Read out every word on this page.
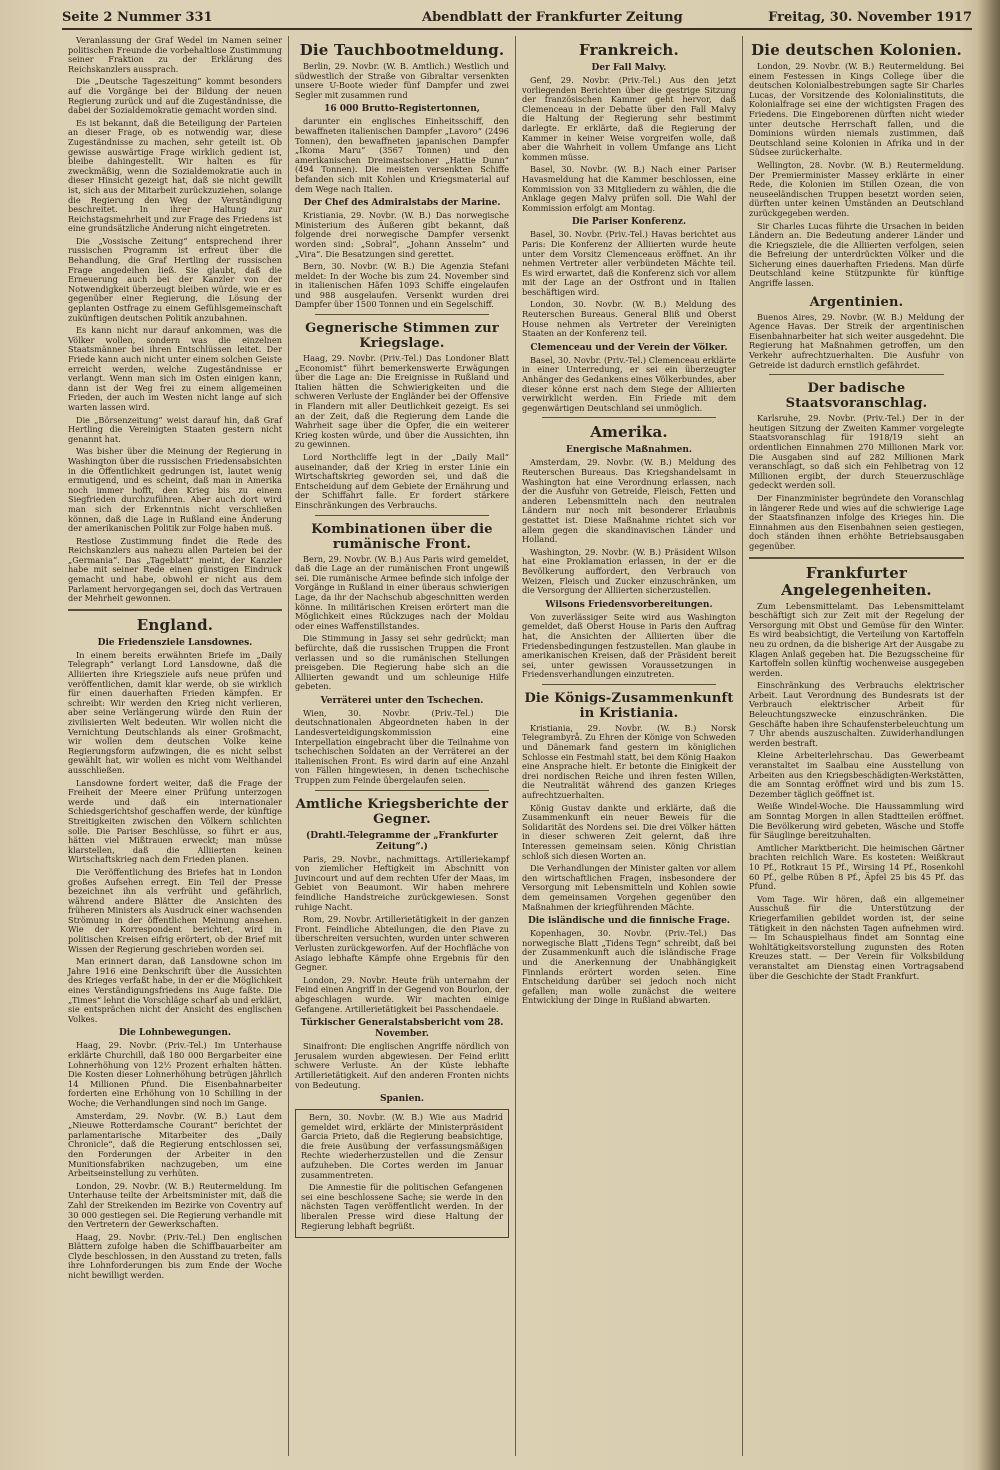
Seite 2 Nummer 331	Abendblatt der Frankfurter Zeitung	Freitag, 30. November 1917

Veranlassung der Graf Wedel im Namen seiner politischen Freunde die vorbehaltlose Zustimmung seiner Fraktion zu der Erklärung des Reichskanzlers aussprach.

Die „Deutsche Tageszeitung“ kommt besonders auf die Vorgänge bei der Bildung der neuen Regierung zurück und auf die Zugeständnisse, die dabei der Sozialdemokratie gemacht worden sind.

Es ist bekannt, daß die Beteiligung der Parteien an dieser Frage, ob es notwendig war, diese Zugeständnisse zu machen, sehr geteilt ist. Ob gewisse auswärtige Frage wirklich gedient ist, bleibe dahingestellt. Wir halten es für zweckmäßig, wenn die Sozialdemokratie auch in dieser Hinsicht gezeigt hat, daß sie nicht gewillt ist, sich aus der Mitarbeit zurückzuziehen, solange die Regierung den Weg der Verständigung beschreitet. In ihrer Haltung zur Reichstagsmehrheit und zur Frage des Friedens ist eine grundsätzliche Änderung nicht eingetreten.

Die „Vossische Zeitung“ entsprechend ihrer russischen Programm ist erfreut über die Behandlung, die Graf Hertling der russischen Frage angedeihen ließ. Sie glaubt, daß die Erneuerung auch bei der Kanzler von der Notwendigkeit überzeugt bleiben würde, wie er es gegenüber einer Regierung, die Lösung der geplanten Ostfrage zu einem Gefühlsgemeinschaft zukünftigen deutschen Politik anzubahnen.

Es kann nicht nur darauf ankommen, was die Völker wollen, sondern was die einzelnen Staatsmänner bei ihren Entschlüssen leitet. Der Friede kann auch nicht unter einem solchen Geiste erreicht werden, welche Zugeständnisse er verlangt. Wenn man sich im Osten einigen kann, dann ist der Weg frei zu einem allgemeinen Frieden, der auch im Westen nicht lange auf sich warten lassen wird.

Die „Börsenzeitung“ weist darauf hin, daß Graf Hertling die Vereinigten Staaten gestern nicht genannt hat.

Was bisher über die Meinung der Regierung in Washington über die russischen Friedensabsichten in die Öffentlichkeit gedrungen ist, lautet wenig ermutigend, und es scheint, daß man in Amerika noch immer hofft, den Krieg bis zu einem Siegfrieden durchzuführen. Aber auch dort wird man sich der Erkenntnis nicht verschließen können, daß die Lage in Rußland eine Änderung der amerikanischen Politik zur Folge haben muß.

Restlose Zustimmung findet die Rede des Reichskanzlers aus nahezu allen Parteien bei der „Germania“. Das „Tageblatt“ meint, der Kanzler habe mit seiner Rede einen günstigen Eindruck gemacht und habe, obwohl er nicht aus dem Parlament hervorgegangen sei, doch das Vertrauen der Mehrheit gewonnen.

England.
Die Friedensziele Lansdownes.

In einem bereits erwähnten Briefe im „Daily Telegraph“ verlangt Lord Lansdowne, daß die Alliierten ihre Kriegsziele aufs neue prüfen und veröffentlichen, damit klar werde, ob sie wirklich für einen dauerhaften Frieden kämpfen. Er schreibt: Wir werden den Krieg nicht verlieren, aber seine Verlängerung würde den Ruin der zivilisierten Welt bedeuten. Wir wollen nicht die Vernichtung Deutschlands als einer Großmacht, wir wollen dem deutschen Volke keine Regierungsform aufzwingen, die es nicht selbst gewählt hat, wir wollen es nicht vom Welthandel ausschließen.

Lansdowne fordert weiter, daß die Frage der Freiheit der Meere einer Prüfung unterzogen werde und daß ein internationaler Schiedsgerichtshof geschaffen werde, der künftige Streitigkeiten zwischen den Völkern schlichten solle. Die Pariser Beschlüsse, so führt er aus, hätten viel Mißtrauen erweckt; man müsse klarstellen, daß die Alliierten keinen Wirtschaftskrieg nach dem Frieden planen.

Die Veröffentlichung des Briefes hat in London großes Aufsehen erregt. Ein Teil der Presse bezeichnet ihn als verfrüht und gefährlich, während andere Blätter die Ansichten des früheren Ministers als Ausdruck einer wachsenden Strömung in der öffentlichen Meinung ansehen. Wie der Korrespondent berichtet, wird in politischen Kreisen eifrig erörtert, ob der Brief mit Wissen der Regierung geschrieben worden sei.

Man erinnert daran, daß Lansdowne schon im Jahre 1916 eine Denkschrift über die Aussichten des Krieges verfaßt habe, in der er die Möglichkeit eines Verständigungsfriedens ins Auge faßte. Die „Times“ lehnt die Vorschläge scharf ab und erklärt, sie entsprächen nicht der Ansicht des englischen Volkes.

Die Lohnbewegungen.

Haag, 29. Novbr. (Priv.-Tel.) Im Unterhause erklärte Churchill, daß 180 000 Bergarbeiter eine Lohnerhöhung von 12½ Prozent erhalten hätten. Die Kosten dieser Lohnerhöhung betrügen jährlich 14 Millionen Pfund. Die Eisenbahnarbeiter forderten eine Erhöhung von 10 Schilling in der Woche; die Verhandlungen sind noch im Gange.

Amsterdam, 29. Novbr. (W. B.) Laut dem „Nieuwe Rotterdamsche Courant“ berichtet der parlamentarische Mitarbeiter des „Daily Chronicle“, daß die Regierung entschlossen sei, den Forderungen der Arbeiter in den Munitionsfabriken nachzugeben, um eine Arbeitseinstellung zu verhüten.

London, 29. Novbr. (W. B.) Reutermeldung. Im Unterhause teilte der Arbeitsminister mit, daß die Zahl der Streikenden im Bezirke von Coventry auf 30 000 gestiegen sei. Die Regierung verhandle mit den Vertretern der Gewerkschaften.

Haag, 29. Novbr. (Priv.-Tel.) Den englischen Blättern zufolge haben die Schiffbauarbeiter am Clyde beschlossen, in den Ausstand zu treten, falls ihre Lohnforderungen bis zum Ende der Woche nicht bewilligt werden.

Die Tauchbootmeldung.

Berlin, 29. Novbr. (W. B. Amtlich.) Westlich und südwestlich der Straße von Gibraltar versenkten unsere U-Boote wieder fünf Dampfer und zwei Segler mit zusammen rund

16 000 Brutto-Registertonnen,

darunter ein englisches Einheitsschiff, den bewaffneten italienischen Dampfer „Lavoro“ (2496 Tonnen), den bewaffneten japanischen Dampfer „Ikoma Maru“ (3567 Tonnen) und den amerikanischen Dreimastschoner „Hattie Dunn“ (494 Tonnen). Die meisten versenkten Schiffe befanden sich mit Kohlen und Kriegsmaterial auf dem Wege nach Italien.

Der Chef des Admiralstabs der Marine.

Kristiania, 29. Novbr. (W. B.) Das norwegische Ministerium des Äußeren gibt bekannt, daß folgende drei norwegische Dampfer versenkt worden sind: „Sobral“, „Johann Ansselm“ und „Vira“. Die Besatzungen sind gerettet.

Bern, 30. Novbr. (W. B.) Die Agenzia Stefani meldet: In der Woche bis zum 24. November sind in italienischen Häfen 1093 Schiffe eingelaufen und 988 ausgelaufen. Versenkt wurden drei Dampfer über 1500 Tonnen und ein Segelschiff.

Gegnerische Stimmen zur Kriegslage.

Haag, 29. Novbr. (Priv.-Tel.) Das Londoner Blatt „Economist“ führt bemerkenswerte Erwägungen über die Lage an: Die Ereignisse in Rußland und Italien hätten die Schwierigkeiten und die schweren Verluste der Engländer bei der Offensive in Flandern mit aller Deutlichkeit gezeigt. Es sei an der Zeit, daß die Regierung dem Lande die Wahrheit sage über die Opfer, die ein weiterer Krieg kosten würde, und über die Aussichten, ihn zu gewinnen.

Lord Northcliffe legt in der „Daily Mail“ auseinander, daß der Krieg in erster Linie ein Wirtschaftskrieg geworden sei, und daß die Entscheidung auf dem Gebiete der Ernährung und der Schiffahrt falle. Er fordert stärkere Einschränkungen des Verbrauchs.

Kombinationen über die rumänische Front.

Bern, 29. Novbr. (W. B.) Aus Paris wird gemeldet, daß die Lage an der rumänischen Front ungewiß sei. Die rumänische Armee befinde sich infolge der Vorgänge in Rußland in einer überaus schwierigen Lage, da ihr der Nachschub abgeschnitten werden könne. In militärischen Kreisen erörtert man die Möglichkeit eines Rückzuges nach der Moldau oder eines Waffenstillstandes.

Die Stimmung in Jassy sei sehr gedrückt; man befürchte, daß die russischen Truppen die Front verlassen und so die rumänischen Stellungen preisgeben. Die Regierung habe sich an die Alliierten gewandt und um schleunige Hilfe gebeten.

Verräterei unter den Tschechen.

Wien, 30. Novbr. (Priv.-Tel.) Die deutschnationalen Abgeordneten haben in der Landesverteidigungskommission eine Interpellation eingebracht über die Teilnahme von tschechischen Soldaten an der Verräterei an der italienischen Front. Es wird darin auf eine Anzahl von Fällen hingewiesen, in denen tschechische Truppen zum Feinde übergelaufen seien.

Amtliche Kriegsberichte der Gegner.
(Drahtl.-Telegramme der „Frankfurter Zeitung“.)

Paris, 29. Novbr., nachmittags. Artilleriekampf von ziemlicher Heftigkeit im Abschnitt von Juvincourt und auf dem rechten Ufer der Maas, im Gebiet von Beaumont. Wir haben mehrere feindliche Handstreiche zurückgewiesen. Sonst ruhige Nacht.

Rom, 29. Novbr. Artillerietätigkeit in der ganzen Front. Feindliche Abteilungen, die den Piave zu überschreiten versuchten, wurden unter schweren Verlusten zurückgeworfen. Auf der Hochfläche von Asiago lebhafte Kämpfe ohne Ergebnis für den Gegner.

London, 29. Novbr. Heute früh unternahm der Feind einen Angriff in der Gegend von Bourlon, der abgeschlagen wurde. Wir machten einige Gefangene. Artillerietätigkeit bei Passchendaele.

Türkischer Generalstabsbericht vom 28. November.

Sinaifront: Die englischen Angriffe nördlich von Jerusalem wurden abgewiesen. Der Feind erlitt schwere Verluste. An der Küste lebhafte Artillerietätigkeit. Auf den anderen Fronten nichts von Bedeutung.

Spanien.

Bern, 30. Novbr. (W. B.) Wie aus Madrid gemeldet wird, erklärte der Ministerpräsident Garcia Prieto, daß die Regierung beabsichtige, die freie Ausübung der verfassungsmäßigen Rechte wiederherzustellen und die Zensur aufzuheben. Die Cortes werden im Januar zusammentreten.

Die Amnestie für die politischen Gefangenen sei eine beschlossene Sache; sie werde in den nächsten Tagen veröffentlicht werden. In der liberalen Presse wird diese Haltung der Regierung lebhaft begrüßt.

Frankreich.
Der Fall Malvy.

Genf, 29. Novbr. (Priv.-Tel.) Aus den jetzt vorliegenden Berichten über die gestrige Sitzung der französischen Kammer geht hervor, daß Clemenceau in der Debatte über den Fall Malvy die Haltung der Regierung sehr bestimmt darlegte. Er erklärte, daß die Regierung der Kammer in keiner Weise vorgreifen wolle, daß aber die Wahrheit in vollem Umfange ans Licht kommen müsse.

Basel, 30. Novbr. (W. B.) Nach einer Pariser Havasmeldung hat die Kammer beschlossen, eine Kommission von 33 Mitgliedern zu wählen, die die Anklage gegen Malvy prüfen soll. Die Wahl der Kommission erfolgt am Montag.

Die Pariser Konferenz.

Basel, 30. Novbr. (Priv.-Tel.) Havas berichtet aus Paris: Die Konferenz der Alliierten wurde heute unter dem Vorsitz Clemenceaus eröffnet. An ihr nehmen Vertreter aller verbündeten Mächte teil. Es wird erwartet, daß die Konferenz sich vor allem mit der Lage an der Ostfront und in Italien beschäftigen wird.

London, 30. Novbr. (W. B.) Meldung des Reuterschen Bureaus. General Bliß und Oberst House nehmen als Vertreter der Vereinigten Staaten an der Konferenz teil.

Clemenceau und der Verein der Völker.

Basel, 30. Novbr. (Priv.-Tel.) Clemenceau erklärte in einer Unterredung, er sei ein überzeugter Anhänger des Gedankens eines Völkerbundes, aber dieser könne erst nach dem Siege der Alliierten verwirklicht werden. Ein Friede mit dem gegenwärtigen Deutschland sei unmöglich.

Amerika.
Energische Maßnahmen.

Amsterdam, 29. Novbr. (W. B.) Meldung des Reuterschen Bureaus. Das Kriegshandelsamt in Washington hat eine Verordnung erlassen, nach der die Ausfuhr von Getreide, Fleisch, Fetten und anderen Lebensmitteln nach den neutralen Ländern nur noch mit besonderer Erlaubnis gestattet ist. Diese Maßnahme richtet sich vor allem gegen die skandinavischen Länder und Holland.

Washington, 29. Novbr. (W. B.) Präsident Wilson hat eine Proklamation erlassen, in der er die Bevölkerung auffordert, den Verbrauch von Weizen, Fleisch und Zucker einzuschränken, um die Versorgung der Alliierten sicherzustellen.

Wilsons Friedensvorbereitungen.

Von zuverlässiger Seite wird aus Washington gemeldet, daß Oberst House in Paris den Auftrag hat, die Ansichten der Alliierten über die Friedensbedingungen festzustellen. Man glaube in amerikanischen Kreisen, daß der Präsident bereit sei, unter gewissen Voraussetzungen in Friedensverhandlungen einzutreten.

Die Königs-Zusammenkunft in Kristiania.

Kristiania, 29. Novbr. (W. B.) Norsk Telegrambyrå. Zu Ehren der Könige von Schweden und Dänemark fand gestern im königlichen Schlosse ein Festmahl statt, bei dem König Haakon eine Ansprache hielt. Er betonte die Einigkeit der drei nordischen Reiche und ihren festen Willen, die Neutralität während des ganzen Krieges aufrechtzuerhalten.

König Gustav dankte und erklärte, daß die Zusammenkunft ein neuer Beweis für die Solidarität des Nordens sei. Die drei Völker hätten in dieser schweren Zeit gelernt, daß ihre Interessen gemeinsam seien. König Christian schloß sich diesen Worten an.

Die Verhandlungen der Minister galten vor allem den wirtschaftlichen Fragen, insbesondere der Versorgung mit Lebensmitteln und Kohlen sowie dem gemeinsamen Vorgehen gegenüber den Maßnahmen der kriegführenden Mächte.

Die isländische und die finnische Frage.

Kopenhagen, 30. Novbr. (Priv.-Tel.) Das norwegische Blatt „Tidens Tegn“ schreibt, daß bei der Zusammenkunft auch die isländische Frage und die Anerkennung der Unabhängigkeit Finnlands erörtert worden seien. Eine Entscheidung darüber sei jedoch noch nicht gefallen; man wolle zunächst die weitere Entwicklung der Dinge in Rußland abwarten.

Die deutschen Kolonien.

London, 29. Novbr. (W. B.) Reutermeldung. Bei einem Festessen in Kings College über die deutschen Kolonialbestrebungen sagte Sir Charles Lucas, der Vorsitzende des Kolonialinstituts, die Kolonialfrage sei eine der wichtigsten Fragen des Friedens. Die Eingeborenen dürften nicht wieder unter deutsche Herrschaft fallen, und die Dominions würden niemals zustimmen, daß Deutschland seine Kolonien in Afrika und in der Südsee zurückerhalte.

Wellington, 28. Novbr. (W. B.) Reutermeldung. Der Premierminister Massey erklärte in einer Rede, die Kolonien im Stillen Ozean, die von neuseeländischen Truppen besetzt worden seien, dürften unter keinen Umständen an Deutschland zurückgegeben werden.

Sir Charles Lucas führte die Ursachen in beiden Ländern an. Die Bedeutung anderer Länder und die Kriegsziele, die die Alliierten verfolgen, seien die Befreiung der unterdrückten Völker und die Sicherung eines dauerhaften Friedens. Man dürfe Deutschland keine Stützpunkte für künftige Angriffe lassen.

Argentinien.

Buenos Aires, 29. Novbr. (W. B.) Meldung der Agence Havas. Der Streik der argentinischen Eisenbahnarbeiter hat sich weiter ausgedehnt. Die Regierung hat Maßnahmen getroffen, um den Verkehr aufrechtzuerhalten. Die Ausfuhr von Getreide ist dadurch ernstlich gefährdet.

Der badische Staatsvoranschlag.

Karlsruhe, 29. Novbr. (Priv.-Tel.) Der in der heutigen Sitzung der Zweiten Kammer vorgelegte Staatsvoranschlag für 1918/19 sieht an ordentlichen Einnahmen 270 Millionen Mark vor. Die Ausgaben sind auf 282 Millionen Mark veranschlagt, so daß sich ein Fehlbetrag von 12 Millionen ergibt, der durch Steuerzuschläge gedeckt werden soll.

Der Finanzminister begründete den Voranschlag in längerer Rede und wies auf die schwierige Lage der Staatsfinanzen infolge des Krieges hin. Die Einnahmen aus den Eisenbahnen seien gestiegen, doch ständen ihnen erhöhte Betriebsausgaben gegenüber.

Frankfurter Angelegenheiten.

Zum Lebensmittelamt. Das Lebensmittelamt beschäftigt sich zur Zeit mit der Regelung der Versorgung mit Obst und Gemüse für den Winter. Es wird beabsichtigt, die Verteilung von Kartoffeln neu zu ordnen, da die bisherige Art der Ausgabe zu Klagen Anlaß gegeben hat. Die Bezugsscheine für Kartoffeln sollen künftig wochenweise ausgegeben werden.

Einschränkung des Verbrauchs elektrischer Arbeit. Laut Verordnung des Bundesrats ist der Verbrauch elektrischer Arbeit für Beleuchtungszwecke einzuschränken. Die Geschäfte haben ihre Schaufensterbeleuchtung um 7 Uhr abends auszuschalten. Zuwiderhandlungen werden bestraft.

Kleine Arbeiterlehrschau. Das Gewerbeamt veranstaltet im Saalbau eine Ausstellung von Arbeiten aus den Kriegsbeschädigten-Werkstätten, die am Sonntag eröffnet wird und bis zum 15. Dezember täglich geöffnet ist.

Weiße Windel-Woche. Die Haussammlung wird am Sonntag Morgen in allen Stadtteilen eröffnet. Die Bevölkerung wird gebeten, Wäsche und Stoffe für Säuglinge bereitzuhalten.

Amtlicher Marktbericht. Die heimischen Gärtner brachten reichlich Ware. Es kosteten: Weißkraut 10 Pf., Rotkraut 15 Pf., Wirsing 14 Pf., Rosenkohl 60 Pf., gelbe Rüben 8 Pf., Äpfel 25 bis 45 Pf. das Pfund.

Vom Tage. Wir hören, daß ein allgemeiner Ausschuß für die Unterstützung der Kriegerfamilien gebildet worden ist, der seine Tätigkeit in den nächsten Tagen aufnehmen wird. — Im Schauspielhaus findet am Sonntag eine Wohltätigkeitsvorstellung zugunsten des Roten Kreuzes statt. — Der Verein für Volksbildung veranstaltet am Dienstag einen Vortragsabend über die Geschichte der Stadt Frankfurt.
